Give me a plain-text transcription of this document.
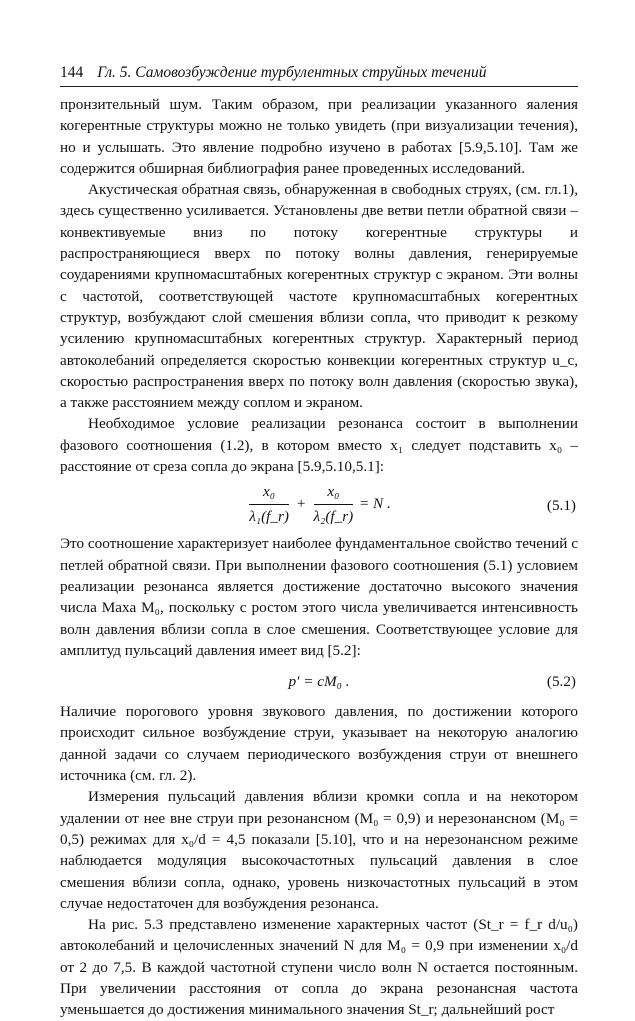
144 Гл. 5. Самовозбуждение турбулентных струйных течений

пронзительный шум. Таким образом, при реализации указанного яаления когерентные структуры можно не только увидеть (при визуализации течения), но и услышать. Это явление подробно изучено в работах [5.9,5.10]. Там же содержится обширная библиография ранее проведенных исследований.

Акустическая обратная связь, обнаруженная в свободных струях, (см. гл.1), здесь существенно усиливается. Установлены две ветви петли обратной связи – конвективуемые вниз по потоку когерентные структуры и распространяющиеся вверх по потоку волны давления, генерируемые соударениями крупномасштабных когерентных структур с экраном. Эти волны с частотой, соответствующей частоте крупномасштабных когерентных структур, возбуждают слой смешения вблизи сопла, что приводит к резкому усилению крупномасштабных когерентных структур. Характерный период автоколебаний определяется скоростью конвекции когерентных структур u_c, скоростью распространения вверх по потоку волн давления (скоростью звука), а также расстоянием между соплом и экраном.

Необходимое условие реализации резонанса состоит в выполнении фазового соотношения (1.2), в котором вместо x₁ следует подставить x₀ – расстояние от среза сопла до экрана [5.9,5.10,5.1]:

$\frac{\text{x₀}}{\text{λ₁(f\_r)}} + \frac{\text{x₀}}{\text{λ₂(f\_r)}} = N$ .	(5.1)

Это соотношение характеризует наиболее фундаментальное свойство течений с петлей обратной связи. При выполнении фазового соотношения (5.1) условием реализации резонанса является достижение достаточно высокого значения числа Маха M₀, поскольку с ростом этого числа увеличивается интенсивность волн давления вблизи сопла в слое смешения. Соответствующее условие для амплитуд пульсаций давления имеет вид [5.2]:

p′ = cM₀ .	(5.2)

Наличие порогового уровня звукового давления, по достижении которого происходит сильное возбуждение струи, указывает на некоторую аналогию данной задачи со случаем периодического возбуждения струи от внешнего источника (см. гл. 2).

Измерения пульсаций давления вблизи кромки сопла и на некотором удалении от нее вне струи при резонансном (M₀ = 0,9) и нерезонансном (M₀ = 0,5) режимах для x₀/d = 4,5 показали [5.10], что и на нерезонансном режиме наблюдается модуляция высокочастотных пульсаций давления в слое смешения вблизи сопла, однако, уровень низкочастотных пульсаций в этом случае недостаточен для возбуждения резонанса.

На рис. 5.3 представлено изменение характерных частот (St_r = f_r d/u₀) автоколебаний и целочисленных значений N для M₀ = 0,9 при изменении x₀/d от 2 до 7,5. В каждой частотной ступени число волн N остается постоянным. При увеличении расстояния от сопла до экрана резонансная частота уменьшается до достижения минимального значения St_r; дальнейший рост
